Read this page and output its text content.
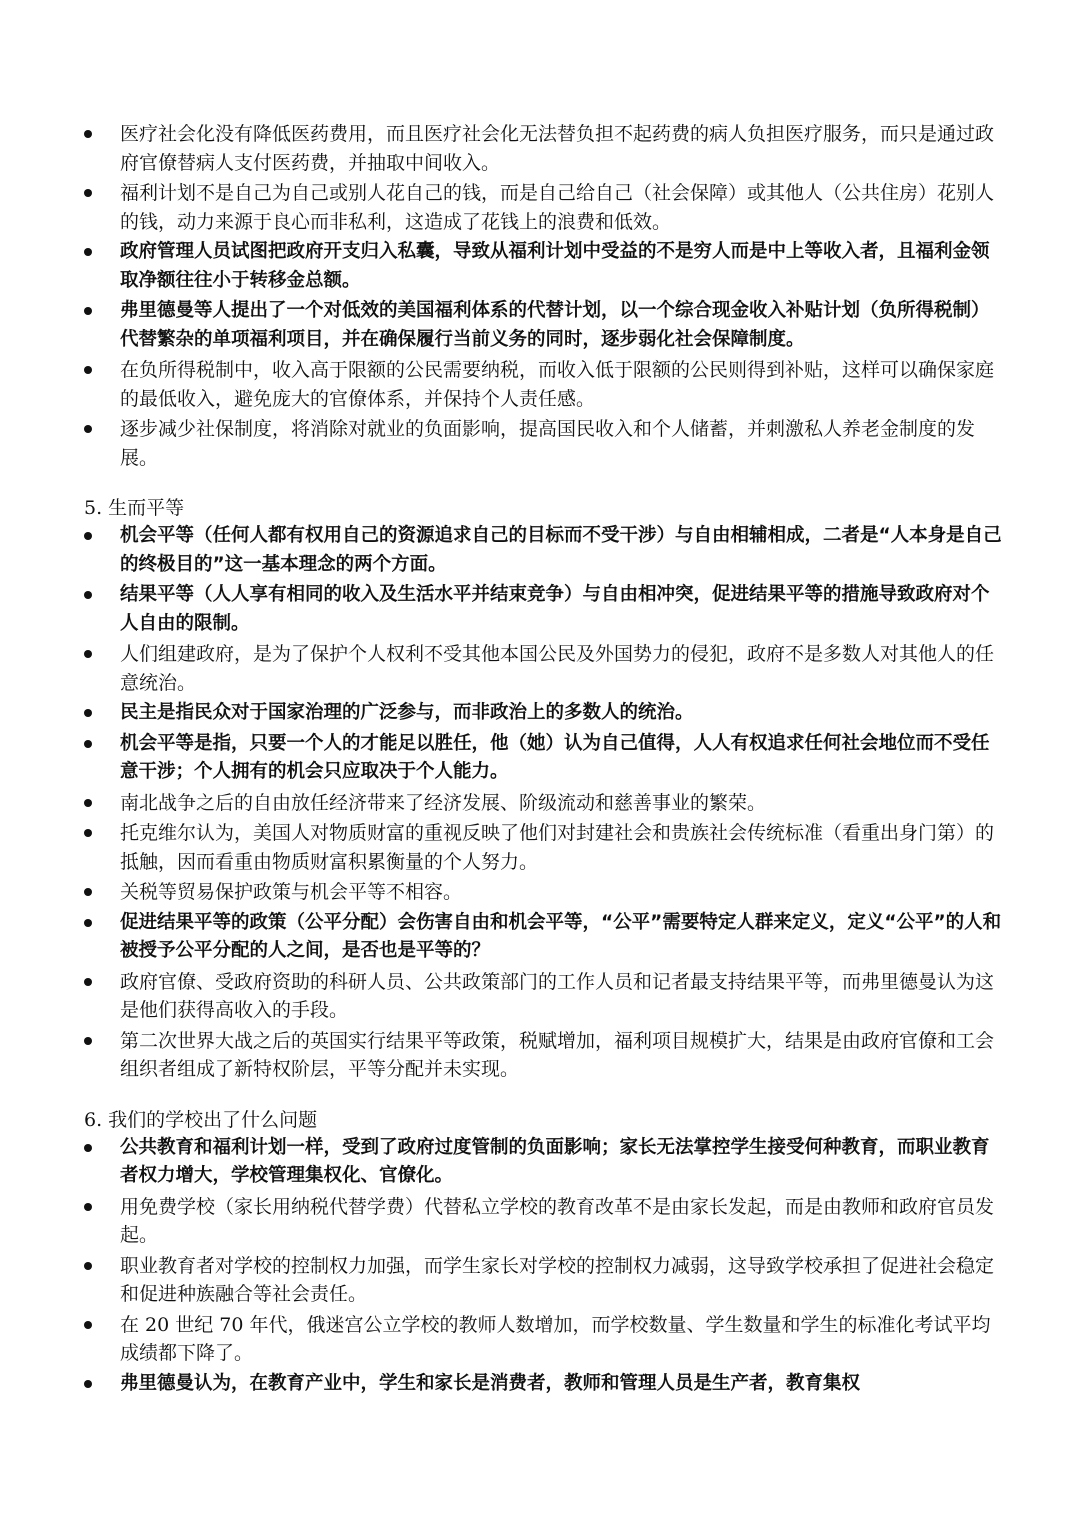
医疗社会化没有降低医药费用，而且医疗社会化无法替负担不起药费的病人负担医疗服务，而只是通过政府官僚替病人支付医药费，并抽取中间收入。
福利计划不是自己为自己或别人花自己的钱，而是自己给自己（社会保障）或其他人（公共住房）花别人的钱，动力来源于良心而非私利，这造成了花钱上的浪费和低效。
政府管理人员试图把政府开支归入私囊，导致从福利计划中受益的不是穷人而是中上等收入者，且福利金领取净额往往小于转移金总额。
弗里德曼等人提出了一个对低效的美国福利体系的代替计划，以一个综合现金收入补贴计划（负所得税制）代替繁杂的单项福利项目，并在确保履行当前义务的同时，逐步弱化社会保障制度。
在负所得税制中，收入高于限额的公民需要纳税，而收入低于限额的公民则得到补贴，这样可以确保家庭的最低收入，避免庞大的官僚体系，并保持个人责任感。
逐步减少社保制度，将消除对就业的负面影响，提高国民收入和个人储蓄，并刺激私人养老金制度的发展。
5. 生而平等
机会平等（任何人都有权用自己的资源追求自己的目标而不受干涉）与自由相辅相成，二者是“人本身是自己的终极目的”这一基本理念的两个方面。
结果平等（人人享有相同的收入及生活水平并结束竞争）与自由相冲突，促进结果平等的措施导致政府对个人自由的限制。
人们组建政府，是为了保护个人权利不受其他本国公民及外国势力的侵犯，政府不是多数人对其他人的任意统治。
民主是指民众对于国家治理的广泛参与，而非政治上的多数人的统治。
机会平等是指，只要一个人的才能足以胜任，他（她）认为自己值得，人人有权追求任何社会地位而不受任意干涉；个人拥有的机会只应取决于个人能力。
南北战争之后的自由放任经济带来了经济发展、阶级流动和慈善事业的繁荣。
托克维尔认为，美国人对物质财富的重视反映了他们对封建社会和贵族社会传统标准（看重出身门第）的抵触，因而看重由物质财富积累衡量的个人努力。
关税等贸易保护政策与机会平等不相容。
促进结果平等的政策（公平分配）会伤害自由和机会平等，“公平”需要特定人群来定义，定义“公平”的人和被授予公平分配的人之间，是否也是平等的？
政府官僚、受政府资助的科研人员、公共政策部门的工作人员和记者最支持结果平等，而弗里德曼认为这是他们获得高收入的手段。
第二次世界大战之后的英国实行结果平等政策，税赋增加，福利项目规模扩大，结果是由政府官僚和工会组织者组成了新特权阶层，平等分配并未实现。
6. 我们的学校出了什么问题
公共教育和福利计划一样，受到了政府过度管制的负面影响；家长无法掌控学生接受何种教育，而职业教育者权力增大，学校管理集权化、官僚化。
用免费学校（家长用纳税代替学费）代替私立学校的教育改革不是由家长发起，而是由教师和政府官员发起。
职业教育者对学校的控制权力加强，而学生家长对学校的控制权力减弱，这导致学校承担了促进社会稳定和促进种族融合等社会责任。
在 20 世纪 70 年代，俄迷宫公立学校的教师人数增加，而学校数量、学生数量和学生的标准化考试平均成绩都下降了。
弗里德曼认为，在教育产业中，学生和家长是消费者，教师和管理人员是生产者，教育集权
